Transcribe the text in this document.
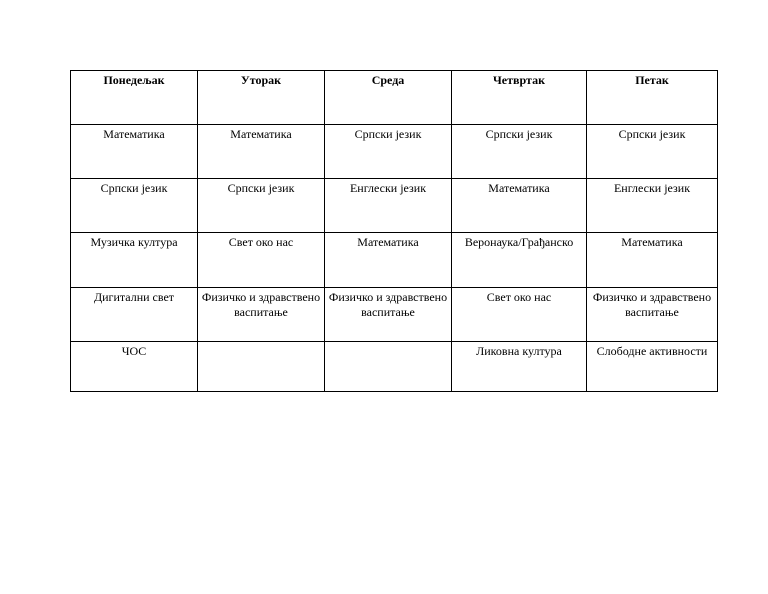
Понедељак	Уторак	Среда	Четвртак	Петак
Математика	Математика	Српски језик	Српски језик	Српски језик
Српски језик	Српски језик	Енглески језик	Математика	Енглески језик
Музичка култура	Свет око нас	Математика	Веронаука/Грађанско	Математика
Дигитални свет	Физичко и здравствено васпитање	Физичко и здравствено васпитање	Свет око нас	Физичко и здравствено васпитање
ЧОС			Ликовна култура	Слободне активности
